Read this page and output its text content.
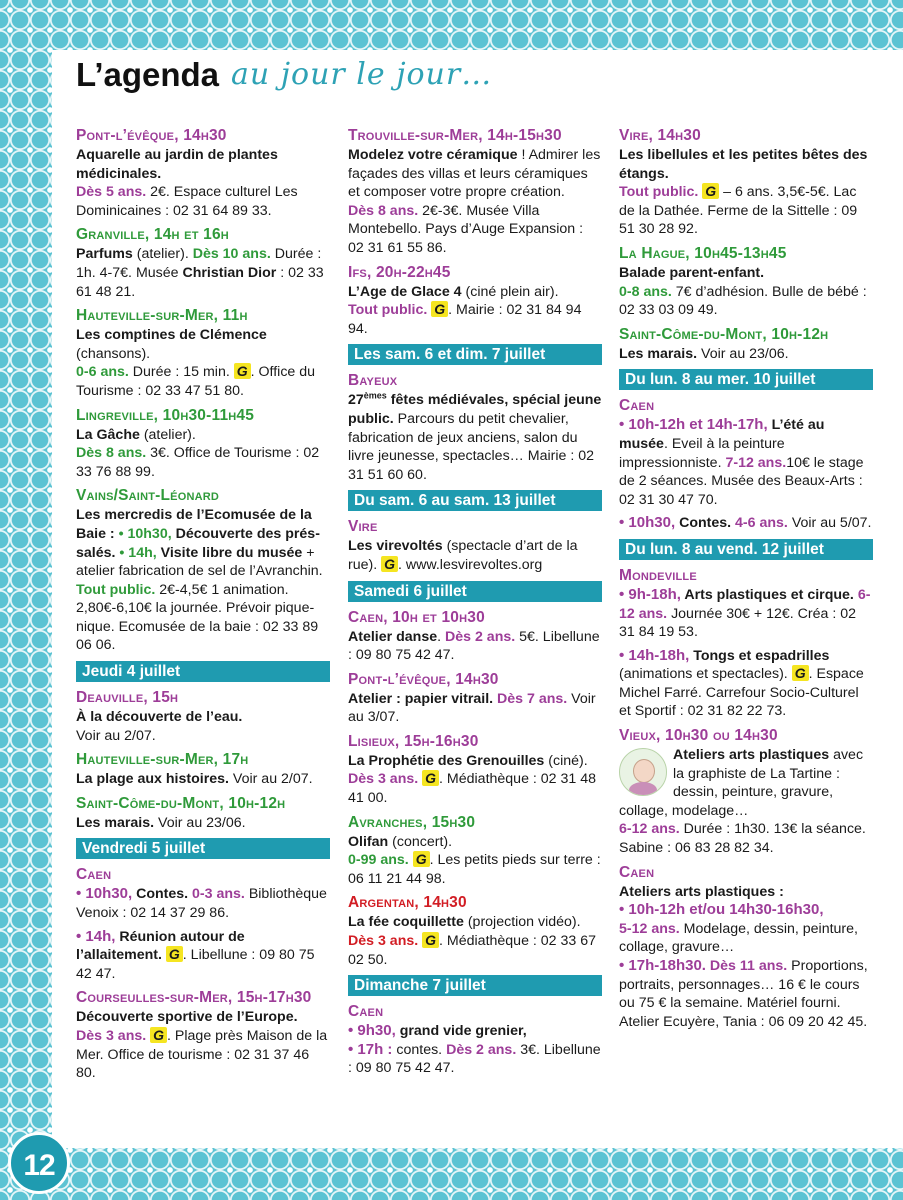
12
L’agenda au jour le jour…
Pont-l’évêque, 14h30
Aquarelle au jardin de plantes médicinales.
Dès 5 ans. 2€. Espace culturel Les Dominicaines : 02 31 64 89 33.
Granville, 14h et 16h
Parfums (atelier). Dès 10 ans. Durée : 1h. 4-7€. Musée Christian Dior : 02 33 61 48 21.
Hauteville-sur-Mer, 11h
Les comptines de Clémence (chansons).
0-6 ans. Durée : 15 min. G . Office du Tourisme : 02 33 47 51 80.
Lingreville, 10h30-11h45
La Gâche (atelier).
Dès 8 ans. 3€. Office de Tourisme : 02 33 76 88 99.
Vains/Saint-Léonard
Les mercredis de l’Ecomusée de la Baie : • 10h30, Découverte des prés-salés. • 14h, Visite libre du musée + atelier fabrication de sel de l’Avranchin.
Tout public. 2€-4,5€ 1 animation. 2,80€-6,10€ la journée. Prévoir pique-nique. Ecomusée de la baie : 02 33 89 06 06.
Jeudi 4 juillet
Deauville, 15h
À la découverte de l’eau.
Voir au 2/07.
Hauteville-sur-Mer, 17h
La plage aux histoires. Voir au 2/07.
Saint-Côme-du-Mont, 10h-12h
Les marais. Voir au 23/06.
Vendredi 5 juillet
Caen
• 10h30, Contes. 0-3 ans. Bibliothèque Venoix : 02 14 37 29 86.
• 14h, Réunion autour de l’allaitement. G . Libellune : 09 80 75 42 47.
Courseulles-sur-Mer, 15h-17h30
Découverte sportive de l’Europe.
Dès 3 ans. G . Plage près Maison de la Mer. Office de tourisme : 02 31 37 46 80.
Trouville-sur-Mer, 14h-15h30
Modelez votre céramique ! Admirer les façades des villas et leurs céramiques et composer votre propre création.
Dès 8 ans. 2€-3€. Musée Villa Montebello. Pays d’Auge Expansion : 02 31 61 55 86.
Ifs, 20h-22h45
L’Age de Glace 4 (ciné plein air).
Tout public. G . Mairie : 02 31 84 94 94.
Les sam. 6 et dim. 7 juillet
Bayeux
27èmes fêtes médiévales, spécial jeune public. Parcours du petit chevalier, fabrication de jeux anciens, salon du livre jeunesse, spectacles… Mairie : 02 31 51 60 60.
Du sam. 6 au sam. 13 juillet
Vire
Les virevoltés (spectacle d’art de la rue). G . www.lesvirevoltes.org
Samedi 6 juillet
Caen, 10h et 10h30
Atelier danse. Dès 2 ans. 5€. Libellune : 09 80 75 42 47.
Pont-l’évêque, 14h30
Atelier : papier vitrail. Dès 7 ans. Voir au 3/07.
Lisieux, 15h-16h30
La Prophétie des Grenouilles (ciné). Dès 3 ans. G . Médiathèque : 02 31 48 41 00.
Avranches, 15h30
Olifan (concert).
0-99 ans. G . Les petits pieds sur terre : 06 11 21 44 98.
Argentan, 14h30
La fée coquillette (projection vidéo).
Dès 3 ans. G . Médiathèque : 02 33 67 02 50.
Dimanche 7 juillet
Caen
• 9h30, grand vide grenier,
• 17h : contes. Dès 2 ans. 3€. Libellune : 09 80 75 42 47.
Vire, 14h30
Les libellules et les petites bêtes des étangs.
Tout public. G – 6 ans. 3,5€-5€. Lac de la Dathée. Ferme de la Sittelle : 09 51 30 28 92.
La Hague, 10h45-13h45
Balade parent-enfant.
0-8 ans. 7€ d’adhésion. Bulle de bébé : 02 33 03 09 49.
Saint-Côme-du-Mont, 10h-12h
Les marais. Voir au 23/06.
Du lun. 8 au mer. 10 juillet
Caen
• 10h-12h et 14h-17h, L’été au musée. Eveil à la peinture impressionniste. 7-12 ans.10€ le stage de 2 séances. Musée des Beaux-Arts : 02 31 30 47 70.
• 10h30, Contes. 4-6 ans. Voir au 5/07.
Du lun. 8 au vend. 12 juillet
Mondeville
• 9h-18h, Arts plastiques et cirque. 6-12 ans. Journée 30€ + 12€. Créa : 02 31 84 19 53.
• 14h-18h, Tongs et espadrilles (animations et spectacles). G . Espace Michel Farré. Carrefour Socio-Culturel et Sportif : 02 31 82 22 73.
Vieux, 10h30 ou 14h30
Ateliers arts plastiques
avec la graphiste de La Tartine : dessin, peinture, gravure, collage, modelage…
6-12 ans. Durée : 1h30. 13€ la séance. Sabine : 06 83 28 82 34.
Caen
Ateliers arts plastiques :
• 10h-12h et/ou 14h30-16h30,
5-12 ans. Modelage, dessin, peinture, collage, gravure…
• 17h-18h30. Dès 11 ans. Proportions, portraits, personnages… 16 € le cours ou 75 € la semaine. Matériel fourni. Atelier Ecuyère, Tania : 06 09 20 42 45.
